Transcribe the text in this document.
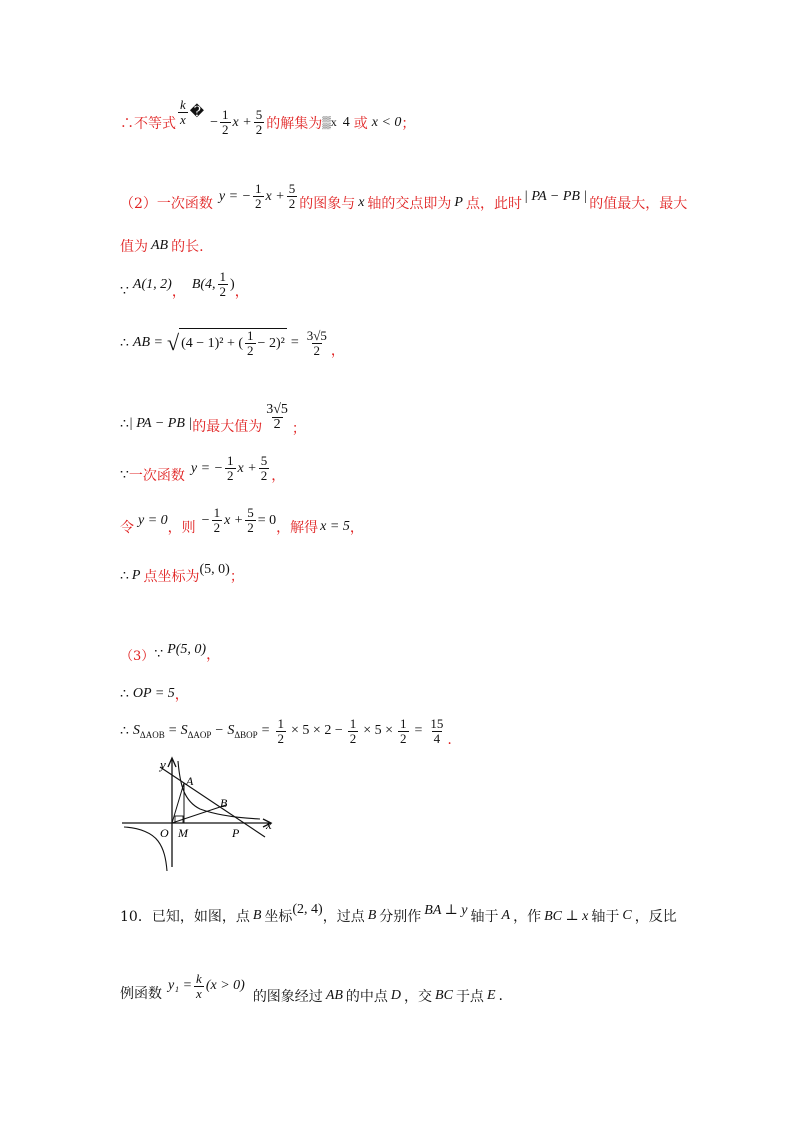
∴不等式 $\frac{k}{x}$ �
− $\frac{1}{2}$ $x + \frac{5}{2}$ 的解集为 ▒x 4 或 x < 0 ；
（2）一次函数 y = − $\frac{1}{2}$ $x + \frac{5}{2}$ 的图象与 x 轴的交点即为 P 点，此时 | PA − PB | 的值最大，最大
值为 AB 的长.
∵ A(1, 2) ， B(4, $\frac{1}{2}$ ) ，
∴ AB = √ (4 − 1)² + ( $\frac{1}{2} - 2)^2 = \frac{3√5}{2}$ ，
∴ | PA − PB | 的最大值为 $\frac{3√5}{2}$ ；
∵ 一次函数 y = − $\frac{1}{2}$ $x + \frac{5}{2}$ ，
令 y = 0 ，则 − $\frac{1}{2}$ $x + \frac{5}{2} = 0$ ，解得 x = 5 ，
∴ P 点坐标为 (5, 0) ；
（3） ∵ P(5, 0) ，
∴ OP = 5 ，
∴ $S_{\Delta AOB} = S_{\Delta AOP} - S_{\Delta BOP} = \frac{1}{2} \times 5 \times 2 - \frac{1}{2} \times 5 \times \frac{1}{2} = \frac{15}{4}$ .
y
x
A
B
O M	P
10．已知，如图，点 B 坐标 (2, 4) ，过点 B 分别作 BA ⊥ y 轴于 A ，作 BC ⊥ x 轴于 C ，反比
例函数
$y_1 = \frac{k}{x} (x > 0)$
的图象经过 AB 的中点 D ，交 BC 于点 E .
